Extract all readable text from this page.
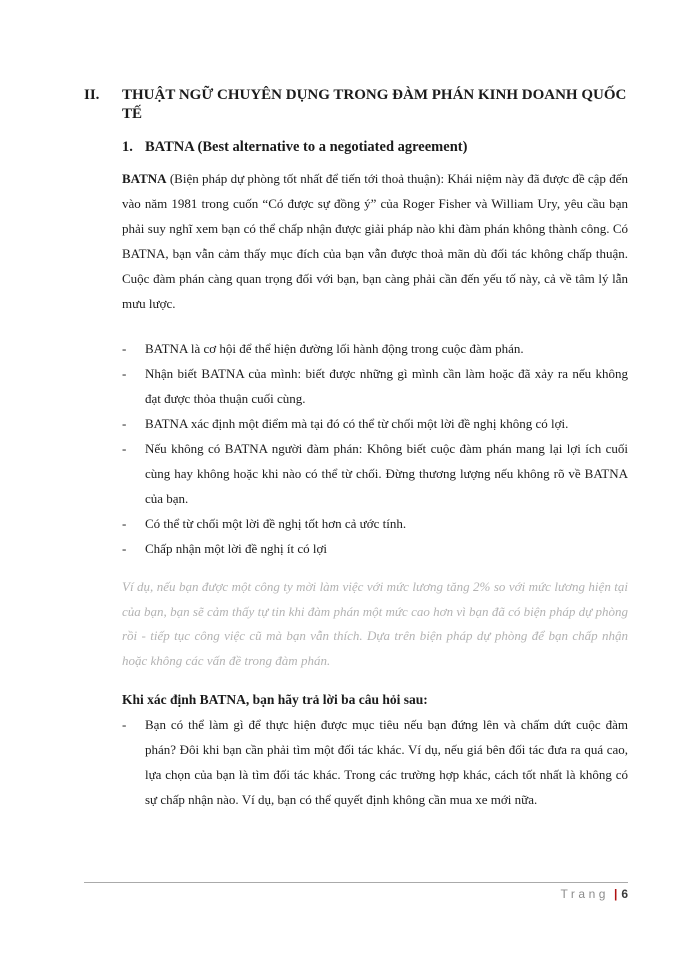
II.	THUẬT NGỮ CHUYÊN DỤNG TRONG ĐÀM PHÁN KINH DOANH QUỐC TẾ
1. BATNA (Best alternative to a negotiated agreement)

BATNA (Biện pháp dự phòng tốt nhất để tiến tới thoả thuận): Khái niệm này đã được đề cập đến vào năm 1981 trong cuốn “Có được sự đồng ý” của Roger Fisher và William Ury, yêu cầu bạn phải suy nghĩ xem bạn có thể chấp nhận được giải pháp nào khi đàm phán không thành công. Có BATNA, bạn vẫn cảm thấy mục đích của bạn vẫn được thoả mãn dù đối tác không chấp thuận. Cuộc đàm phán càng quan trọng đối với bạn, bạn càng phải cần đến yếu tố này, cả về tâm lý lẫn mưu lược.

-	BATNA là cơ hội để thể hiện đường lối hành động trong cuộc đàm phán.
-	Nhận biết BATNA của mình: biết được những gì mình cần làm hoặc đã xảy ra nếu không đạt được thỏa thuận cuối cùng.
-	BATNA xác định một điểm mà tại đó có thể từ chối một lời đề nghị không có lợi.
-	Nếu không có BATNA người đàm phán: Không biết cuộc đàm phán mang lại lợi ích cuối cùng hay không hoặc khi nào có thể từ chối. Đừng thương lượng nếu không rõ về BATNA của bạn.
-	Có thể từ chối một lời đề nghị tốt hơn cả ước tính.
-	Chấp nhận một lời đề nghị ít có lợi

Ví dụ, nếu bạn được một công ty mời làm việc với mức lương tăng 2% so với mức lương hiện tại của bạn, bạn sẽ cảm thấy tự tin khi đàm phán một mức cao hơn vì bạn đã có biện pháp dự phòng rồi - tiếp tục công việc cũ mà bạn vẫn thích. Dựa trên biện pháp dự phòng để bạn chấp nhận hoặc không các vấn đề trong đàm phán.

Khi xác định BATNA, bạn hãy trả lời ba câu hỏi sau:

-	Bạn có thể làm gì để thực hiện được mục tiêu nếu bạn đứng lên và chấm dứt cuộc đàm phán? Đôi khi bạn cần phải tìm một đối tác khác. Ví dụ, nếu giá bên đối tác đưa ra quá cao, lựa chọn của bạn là tìm đối tác khác. Trong các trường hợp khác, cách tốt nhất là không có sự chấp nhận nào. Ví dụ, bạn có thể quyết định không cần mua xe mới nữa.
Trang | 6
